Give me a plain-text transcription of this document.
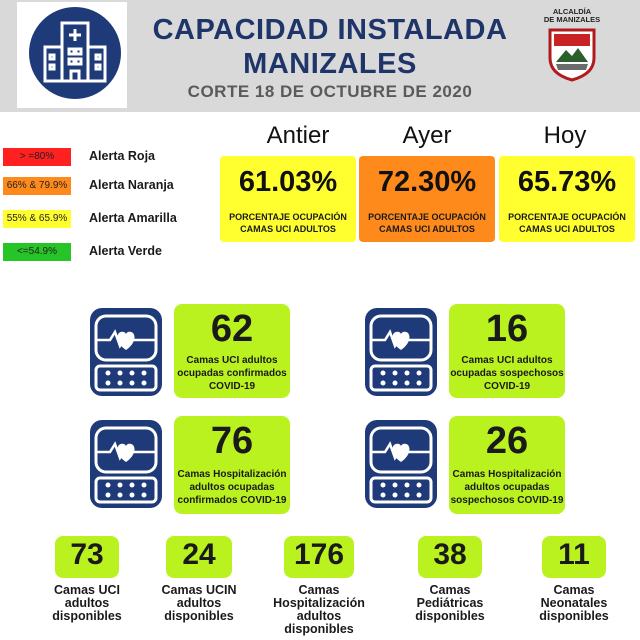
CAPACIDAD INSTALADA
MANIZALES
CORTE 18 DE OCTUBRE DE 2020
ALCALDÍA
DE MANIZALES
> =80%	Alerta Roja
66% & 79.9% Alerta Naranja
55% & 65.9% Alerta Amarilla
<=54.9%	Alerta Verde
Antier	Ayer	Hoy
61.03%
PORCENTAJE OCUPACIÓN
CAMAS UCI ADULTOS
72.30%
PORCENTAJE OCUPACIÓN
CAMAS UCI ADULTOS
65.73%
PORCENTAJE OCUPACIÓN
CAMAS UCI ADULTOS
62
Camas UCI adultos
ocupadas confirmados
COVID-19
16
Camas UCI adultos
ocupadas sospechosos
COVID-19
76
Camas Hospitalización
adultos ocupadas
confirmados COVID-19
26
Camas Hospitalización
adultos ocupadas
sospechosos COVID-19
73
Camas UCI
adultos
disponibles
24
Camas UCIN
adultos
disponibles
176
Camas
Hospitalización
adultos
disponibles
38
Camas
Pediátricas
disponibles
11
Camas
Neonatales
disponibles
